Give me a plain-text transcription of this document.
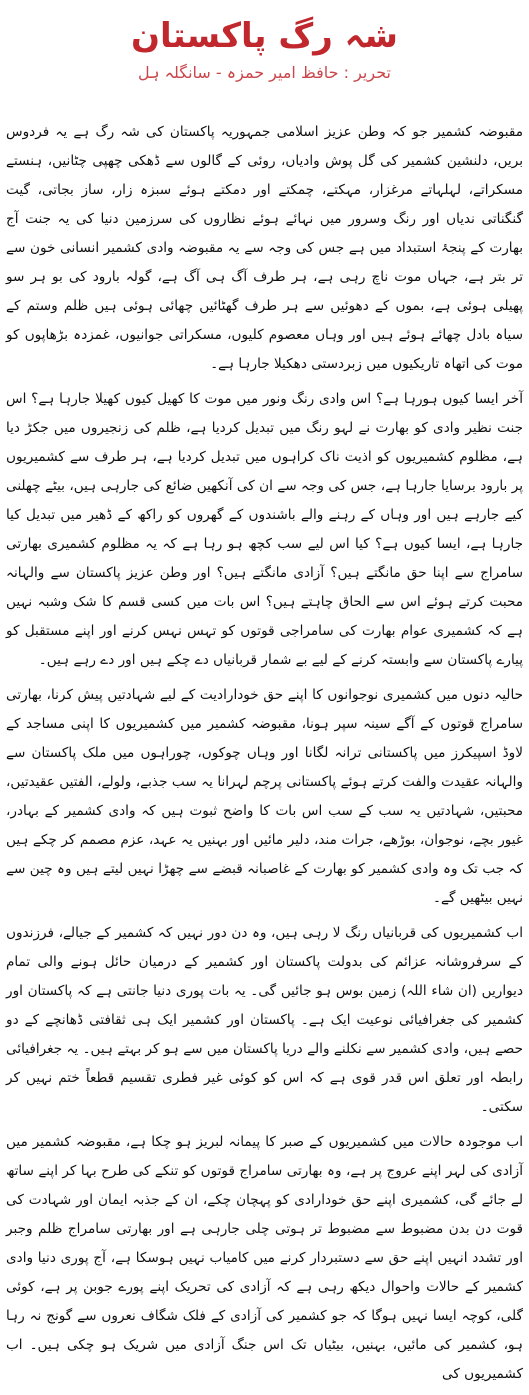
شہ رگ پاکستان
تحریر : حافظ امیر حمزہ - سانگلہ ہل

مقبوضہ کشمیر جو کہ وطن عزیز اسلامی جمہوریہ پاکستان کی شہ رگ ہے یہ فردوس بریں، دلنشین کشمیر کی گل پوش وادیاں، روئی کے گالوں سے ڈھکی چھپی چٹانیں، ہنستے مسکراتے، لہلہاتے مرغزار، مہکتے، چمکتے اور دمکتے ہوئے سبزہ زار، ساز بجاتی، گیت گنگناتی ندیاں اور رنگ وسرور میں نہائے ہوئے نظاروں کی سرزمین دنیا کی یہ جنت آج بھارت کے پنجۂ استبداد میں ہے جس کی وجہ سے یہ مقبوضہ وادی کشمیر انسانی خون سے تر بتر ہے، جہاں موت ناچ رہی ہے، ہر طرف آگ ہی آگ ہے، گولہ بارود کی بو ہر سو پھیلی ہوئی ہے، بموں کے دھوئیں سے ہر طرف گھٹائیں چھائی ہوئی ہیں ظلم وستم کے سیاہ بادل چھائے ہوئے ہیں اور وہاں معصوم کلیوں، مسکراتی جوانیوں، غمزدہ بڑھاپوں کو موت کی اتھاہ تاریکیوں میں زبردستی دھکیلا جارہا ہے۔

آخر ایسا کیوں ہورہا ہے؟ اس وادی رنگ ونور میں موت کا کھیل کیوں کھیلا جارہا ہے؟ اس جنت نظیر وادی کو بھارت نے لہو رنگ میں تبدیل کردیا ہے، ظلم کی زنجیروں میں جکڑ دیا ہے، مظلوم کشمیریوں کو اذیت ناک کراہوں میں تبدیل کردیا ہے، ہر طرف سے کشمیریوں پر بارود برسایا جارہا ہے، جس کی وجہ سے ان کی آنکھیں ضائع کی جارہی ہیں، بیٹے چھلنی کیے جارہے ہیں اور وہاں کے رہنے والے باشندوں کے گھروں کو راکھ کے ڈھیر میں تبدیل کیا جارہا ہے، ایسا کیوں ہے؟ کیا اس لیے سب کچھ ہو رہا ہے کہ یہ مظلوم کشمیری بھارتی سامراج سے اپنا حق مانگتے ہیں؟ آزادی مانگتے ہیں؟ اور وطن عزیز پاکستان سے والہانہ محبت کرتے ہوئے اس سے الحاق چاہتے ہیں؟ اس بات میں کسی قسم کا شک وشبہ نہیں ہے کہ کشمیری عوام بھارت کی سامراجی قوتوں کو تہس نہس کرنے اور اپنے مستقبل کو پیارے پاکستان سے وابستہ کرنے کے لیے بے شمار قربانیاں دے چکے ہیں اور دے رہے ہیں۔

حالیہ دنوں میں کشمیری نوجوانوں کا اپنے حق خودارادیت کے لیے شہادتیں پیش کرنا، بھارتی سامراج قوتوں کے آگے سینہ سپر ہونا، مقبوضہ کشمیر میں کشمیریوں کا اپنی مساجد کے لاوڈ اسپیکرز میں پاکستانی ترانہ لگانا اور وہاں چوکوں، چوراہوں میں ملک پاکستان سے والہانہ عقیدت والفت کرتے ہوئے پاکستانی پرچم لہرانا یہ سب جذبے، ولولے، الفتیں عقیدتیں، محبتیں، شہادتیں یہ سب کے سب اس بات کا واضح ثبوت ہیں کہ وادی کشمیر کے بہادر، غیور بچے، نوجوان، بوڑھے، جرات مند، دلیر مائیں اور بہنیں یہ عہد، عزم مصمم کر چکے ہیں کہ جب تک وہ وادی کشمیر کو بھارت کے غاصبانہ قبضے سے چھڑا نہیں لیتے ہیں وہ چین سے نہیں بیٹھیں گے۔

اب کشمیریوں کی قربانیاں رنگ لا رہی ہیں، وہ دن دور نہیں کہ کشمیر کے جیالے، فرزندوں کے سرفروشانہ عزائم کی بدولت پاکستان اور کشمیر کے درمیان حائل ہونے والی تمام دیواریں (ان شاء اللہ) زمین بوس ہو جائیں گی۔ یہ بات پوری دنیا جانتی ہے کہ پاکستان اور کشمیر کی جغرافیائی نوعیت ایک ہے۔ پاکستان اور کشمیر ایک ہی ثقافتی ڈھانچے کے دو حصے ہیں، وادی کشمیر سے نکلنے والے دریا پاکستان میں سے ہو کر بہتے ہیں۔ یہ جغرافیائی رابطہ اور تعلق اس قدر قوی ہے کہ اس کو کوئی غیر فطری تقسیم قطعاً ختم نہیں کر سکتی۔

اب موجودہ حالات میں کشمیریوں کے صبر کا پیمانہ لبریز ہو چکا ہے، مقبوضہ کشمیر میں آزادی کی لہر اپنے عروج پر ہے، وہ بھارتی سامراج قوتوں کو تنکے کی طرح بہا کر اپنے ساتھ لے جائے گی، کشمیری اپنے حق خودارادی کو پہچان چکے، ان کے جذبہ ایمان اور شہادت کی قوت دن بدن مضبوط سے مضبوط تر ہوتی چلی جارہی ہے اور بھارتی سامراج ظلم وجبر اور تشدد انہیں اپنے حق سے دستبردار کرنے میں کامیاب نہیں ہوسکا ہے، آج پوری دنیا وادی کشمیر کے حالات واحوال دیکھ رہی ہے کہ آزادی کی تحریک اپنے پورے جوبن پر ہے، کوئی گلی، کوچہ ایسا نہیں ہوگا کہ جو کشمیر کی آزادی کے فلک شگاف نعروں سے گونج نہ رہا ہو، کشمیر کی مائیں، بہنیں، بیٹیاں تک اس جنگ آزادی میں شریک ہو چکی ہیں۔ اب کشمیریوں کی
